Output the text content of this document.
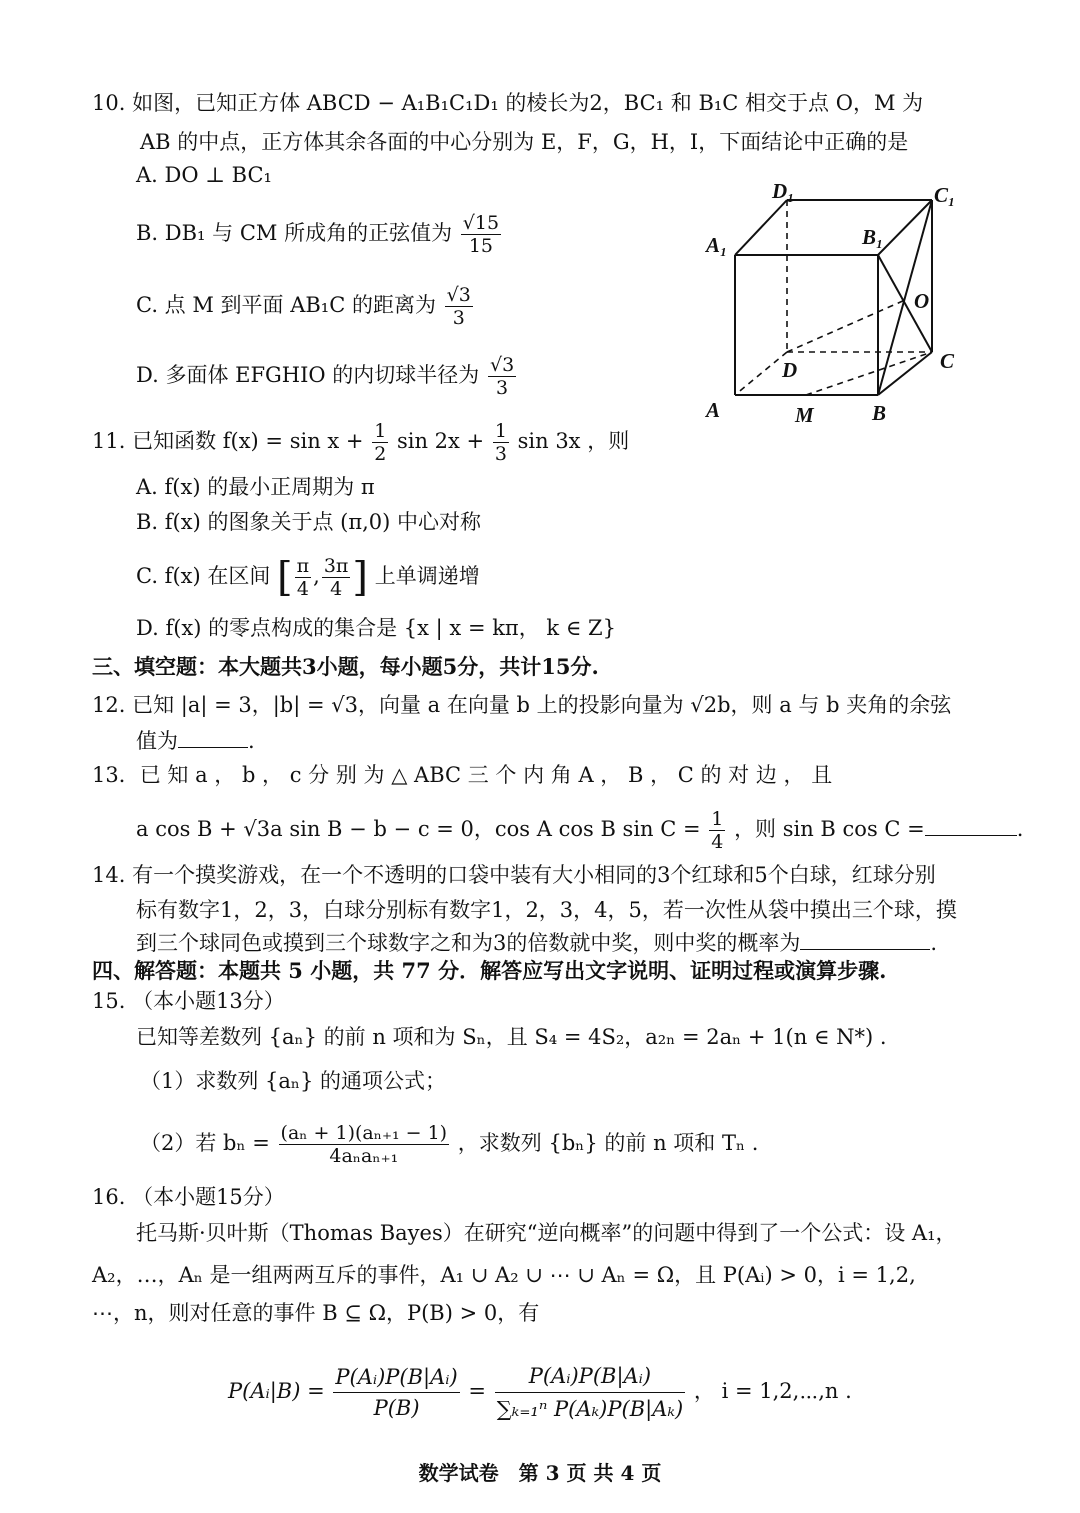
10. 如图，已知正方体 ABCD − A₁B₁C₁D₁ 的棱长为2，BC₁ 和 B₁C 相交于点 O，M 为
AB 的中点，正方体其余各面的中心分别为 E，F，G，H，I，下面结论中正确的是
A. DO ⊥ BC₁
B. DB₁ 与 CM 所成角的正弦值为 $\frac{√15}{15}$
C. 点 M 到平面 AB₁C 的距离为 $\frac{√3}{3}$
D. 多面体 EFGHIO 的内切球半径为 $\frac{√3}{3}$
D₁	C₁
A₁	B₁
O
D	C
A	M	B
11. 已知函数 $f(x) = \sin x + \frac{1}{2}$ $\sin 2x + \frac{1}{3}$ sin 3x ，则
A. f(x) 的最小正周期为 π
B. f(x) 的图象关于点 (π,0) 中心对称
C. f(x) 在区间 [ $\frac{\pi}{4}$ , $\frac{3\pi}{4}$ ] 上单调递增
D. f(x) 的零点构成的集合是 {x | x = kπ， k ∈ Z}
三、填空题：本大题共3小题，每小题5分，共计15分.
12. 已知 |a| = 3，|b| = √3，向量 a 在向量 b 上的投影向量为 √2b，则 a 与 b 夹角的余弦
值为	.
13．已 知 a ， b ， c 分 别 为 △ ABC 三 个 内 角 A ， B ， C 的 对 边 ， 且
a cos B + √3a sin B − b − c = 0，cos A cos B $\sin C = \frac{1}{4}$ ，则 sin B cos C =	.
14. 有一个摸奖游戏，在一个不透明的口袋中装有大小相同的3个红球和5个白球，红球分别
标有数字1，2，3，白球分别标有数字1，2，3，4，5，若一次性从袋中摸出三个球，摸
到三个球同色或摸到三个球数字之和为3的倍数就中奖，则中奖的概率为	.
四、解答题：本题共 5 小题，共 77 分．解答应写出文字说明、证明过程或演算步骤.
15. （本小题13分）
已知等差数列 {aₙ} 的前 n 项和为 Sₙ，且 S₄ = 4S₂，a₂ₙ = 2aₙ + 1(n ∈ N*) .
（1）求数列 {aₙ} 的通项公式；
（2）若 $b_n = \frac{\text{(aₙ + 1)(aₙ₊₁ − 1)}}{\text{4aₙaₙ₊₁}}$ ，求数列 {bₙ} 的前 n 项和 Tₙ .
16. （本小题15分）
托马斯·贝叶斯（Thomas Bayes）在研究“逆向概率”的问题中得到了一个公式：设 A₁，
A₂，…，Aₙ 是一组两两互斥的事件，A₁ ∪ A₂ ∪ ⋯ ∪ Aₙ = Ω，且 P(Aᵢ) > 0，i = 1,2,
⋯，n，则对任意的事件 B ⊆ Ω，P(B) > 0，有
P(Aᵢ|B) = $\frac{\text{P(Aᵢ)P(B|Aᵢ)}}{P(B)} = \frac{\text{P(Aᵢ)P(B|Aᵢ)}}{\text{∑ₖ₌₁ⁿ P(Aₖ)P(B|Aₖ)}}$ ， i = 1,2,⋯,n .
数学试卷　第 3 页 共 4 页
